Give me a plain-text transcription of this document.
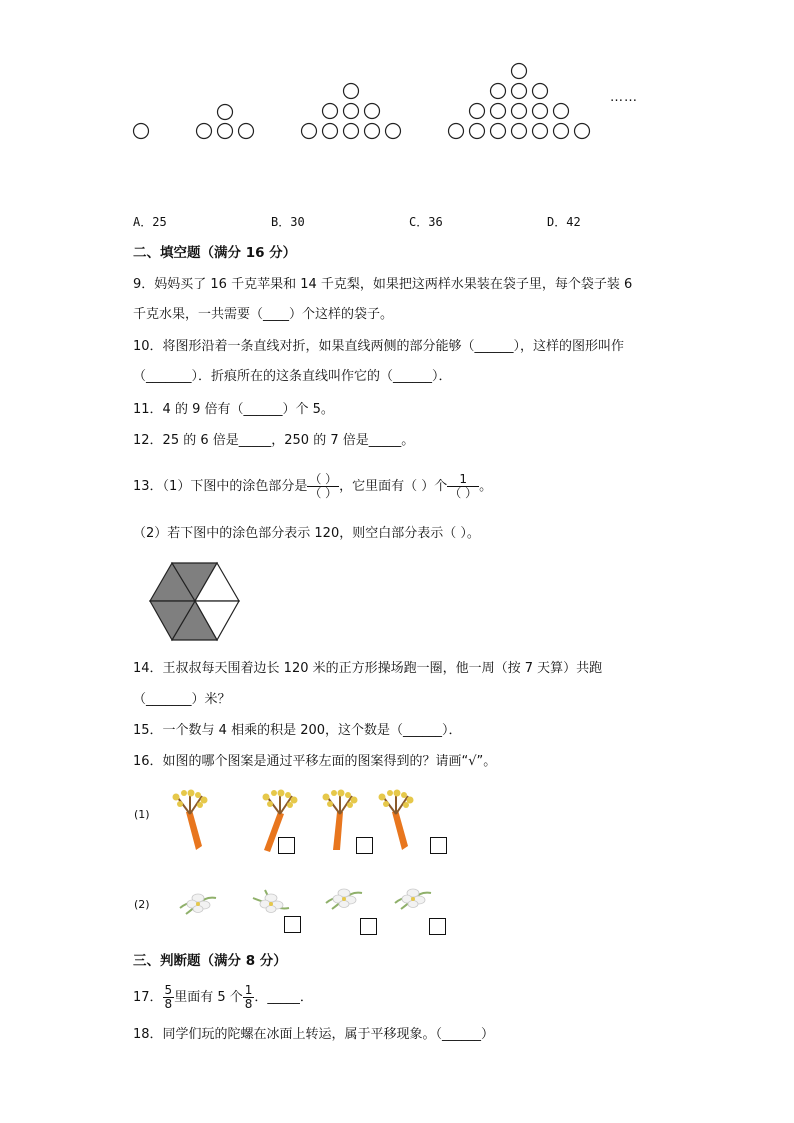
……
A．25	B．30	C．36	D．42
二、填空题（满分 16 分）
9．妈妈买了 16 千克苹果和 14 千克梨，如果把这两样水果装在袋子里，每个袋子装 6
千克水果，一共需要（____）个这样的袋子。
10．将图形沿着一条直线对折，如果直线两侧的部分能够（______），这样的图形叫作
（_______）．折痕所在的这条直线叫作它的（______）．
11．4 的 9 倍有（______）个 5。
12．25 的 6 倍是_____，250 的 7 倍是_____。
13．（1）下图中的涂色部分是 $\frac{( )}{( )}$ ，它里面有（ ）个 $\frac{1}{( )}$ 。
（2）若下图中的涂色部分表示 120，则空白部分表示（ ）。
14．王叔叔每天围着边长 120 米的正方形操场跑一圈，他一周（按 7 天算）共跑
（_______）米？
15．一个数与 4 相乘的积是 200，这个数是（______）．
16．如图的哪个图案是通过平移左面的图案得到的？请画“√”。
(1)
(2)
三、判断题（满分 8 分）
17． $\frac{5}{8}$ 里面有 5 个 $\frac{1}{8}$ ．_____．
18．同学们玩的陀螺在冰面上转运，属于平移现象。（______）
